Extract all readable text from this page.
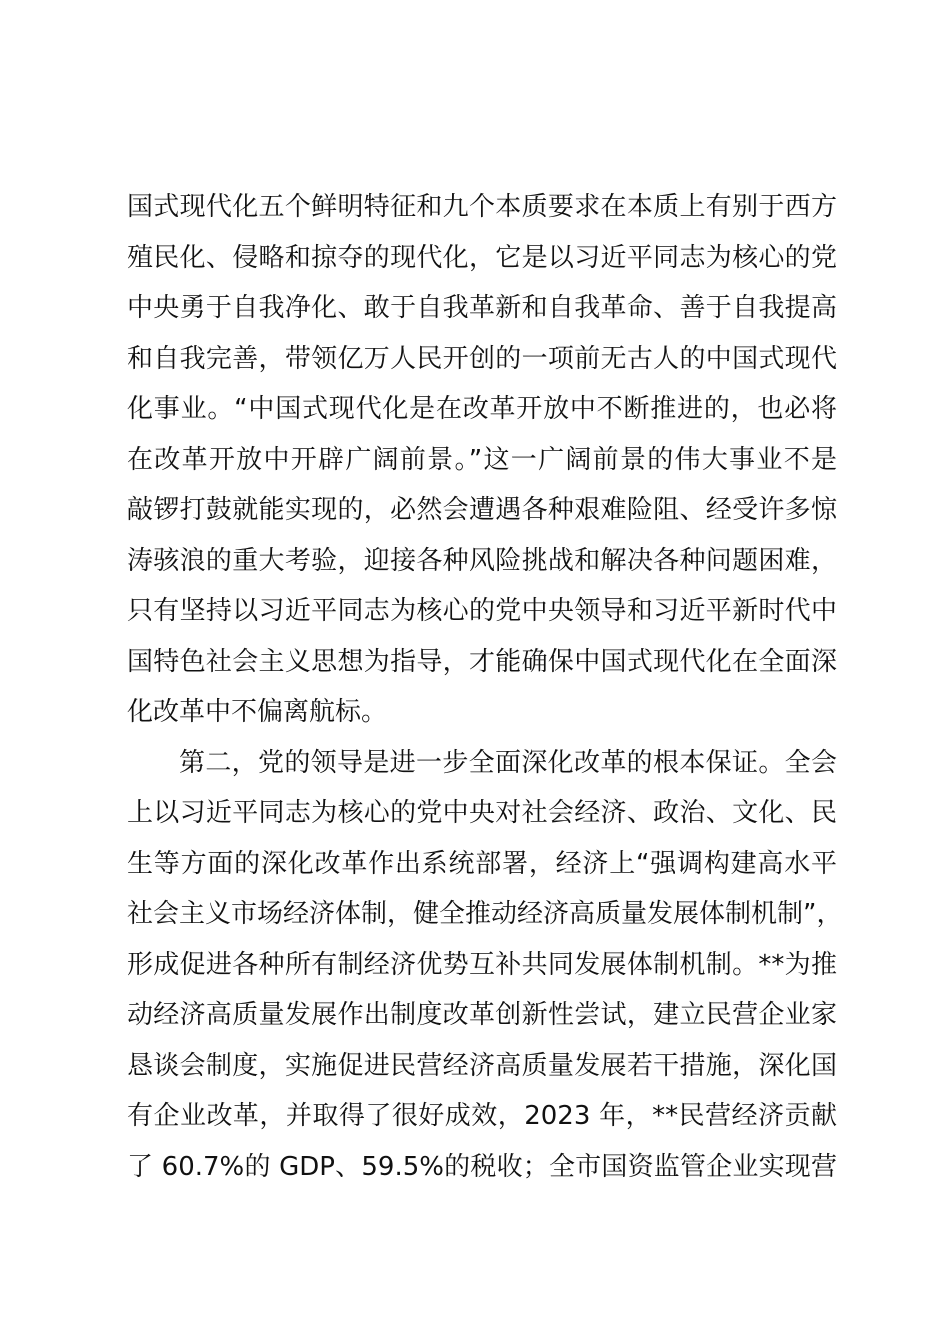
国式现代化五个鲜明特征和九个本质要求在本质上有别于西方
殖民化、侵略和掠夺的现代化，它是以习近平同志为核心的党
中央勇于自我净化、敢于自我革新和自我革命、善于自我提高
和自我完善，带领亿万人民开创的一项前无古人的中国式现代
化事业。“中国式现代化是在改革开放中不断推进的，也必将
在改革开放中开辟广阔前景。”这一广阔前景的伟大事业不是
敲锣打鼓就能实现的，必然会遭遇各种艰难险阻、经受许多惊
涛骇浪的重大考验，迎接各种风险挑战和解决各种问题困难，
只有坚持以习近平同志为核心的党中央领导和习近平新时代中
国特色社会主义思想为指导，才能确保中国式现代化在全面深
化改革中不偏离航标。
第二，党的领导是进一步全面深化改革的根本保证。全会
上以习近平同志为核心的党中央对社会经济、政治、文化、民
生等方面的深化改革作出系统部署，经济上“强调构建高水平
社会主义市场经济体制，健全推动经济高质量发展体制机制”，
形成促进各种所有制经济优势互补共同发展体制机制。**为推
动经济高质量发展作出制度改革创新性尝试，建立民营企业家
恳谈会制度，实施促进民营经济高质量发展若干措施，深化国
有企业改革，并取得了很好成效，2023 年，**民营经济贡献
了 60.7%的 GDP、59.5%的税收；全市国资监管企业实现营
